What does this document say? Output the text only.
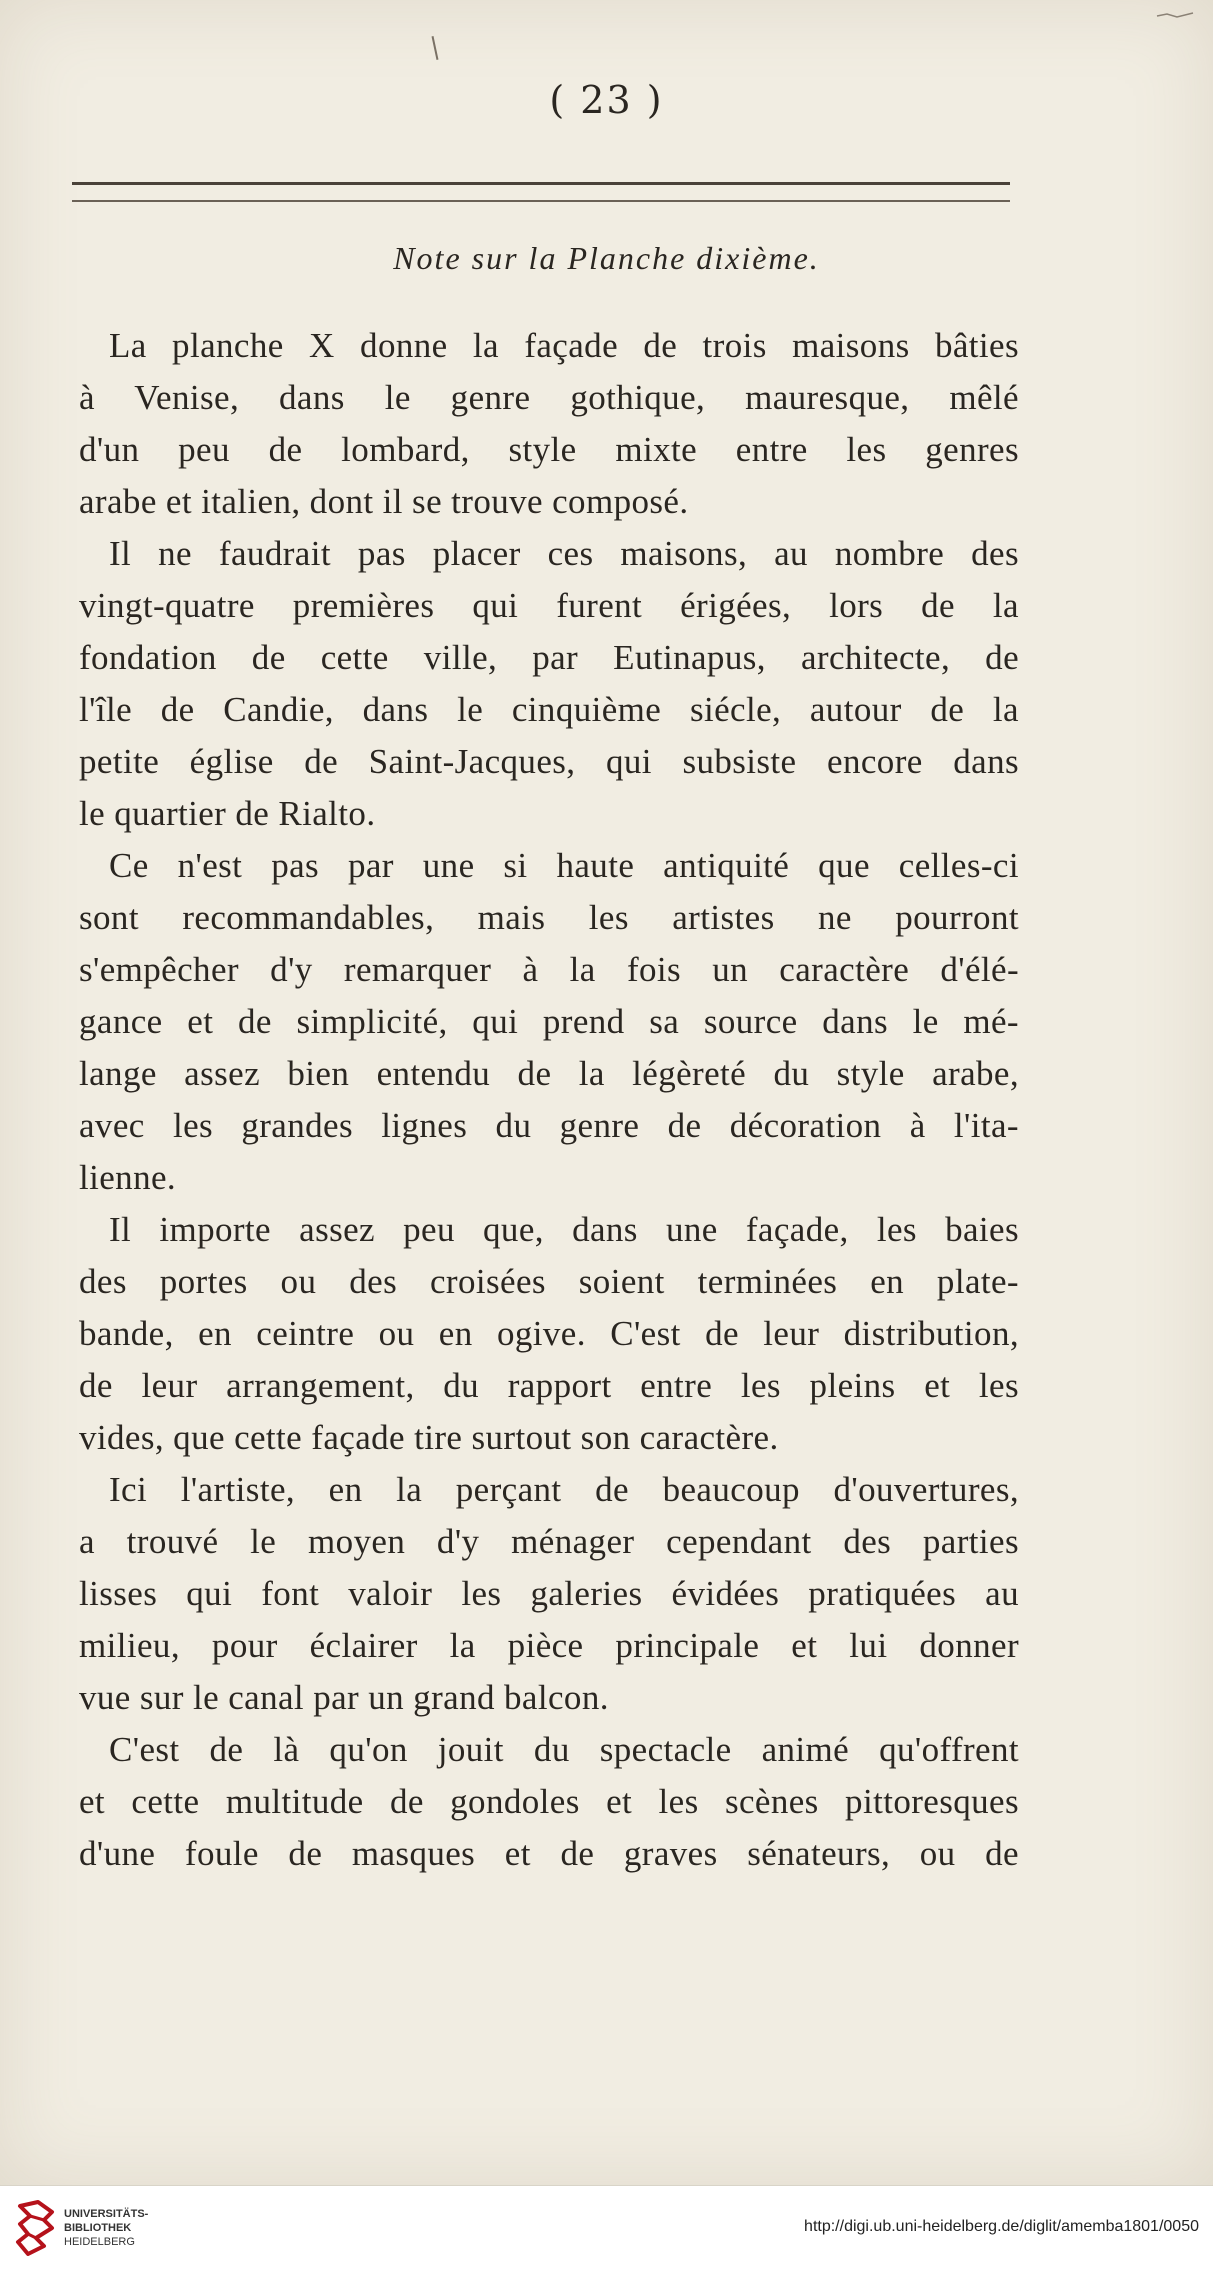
( 23 )
Note sur la Planche dixième.
La planche X donne la façade de trois maisons bâties
à Venise, dans le genre gothique, mauresque, mêlé
d'un peu de lombard, style mixte entre les genres
arabe et italien, dont il se trouve composé.
Il ne faudrait pas placer ces maisons, au nombre des
vingt-quatre premières qui furent érigées, lors de la
fondation de cette ville, par Eutinapus, architecte, de
l'île de Candie, dans le cinquième siécle, autour de la
petite église de Saint-Jacques, qui subsiste encore dans
le quartier de Rialto.
Ce n'est pas par une si haute antiquité que celles-ci
sont recommandables, mais les artistes ne pourront
s'empêcher d'y remarquer à la fois un caractère d'élé-
gance et de simplicité, qui prend sa source dans le mé-
lange assez bien entendu de la légèreté du style arabe,
avec les grandes lignes du genre de décoration à l'ita-
lienne.
Il importe assez peu que, dans une façade, les baies
des portes ou des croisées soient terminées en plate-
bande, en ceintre ou en ogive. C'est de leur distribution,
de leur arrangement, du rapport entre les pleins et les
vides, que cette façade tire surtout son caractère.
Ici l'artiste, en la perçant de beaucoup d'ouvertures,
a trouvé le moyen d'y ménager cependant des parties
lisses qui font valoir les galeries évidées pratiquées au
milieu, pour éclairer la pièce principale et lui donner
vue sur le canal par un grand balcon.
C'est de là qu'on jouit du spectacle animé qu'offrent
et cette multitude de gondoles et les scènes pittoresques
d'une foule de masques et de graves sénateurs, ou de
UNIVERSITÄTS-
BIBLIOTHEK
HEIDELBERG
http://digi.ub.uni-heidelberg.de/diglit/amemba1801/0050
